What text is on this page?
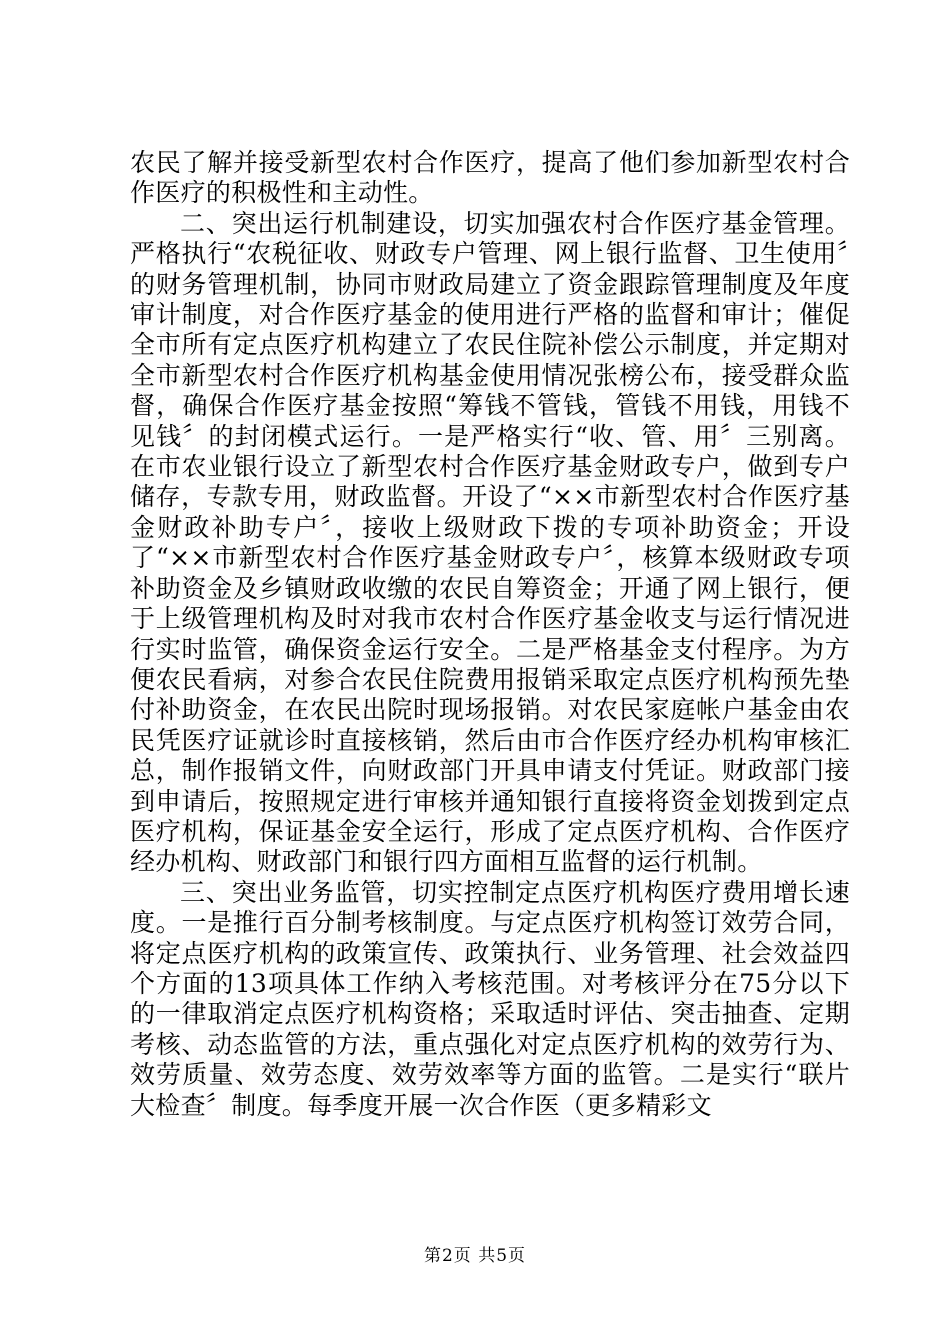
农民了解并接受新型农村合作医疗，提高了他们参加新型农村合作医疗的积极性和主动性。

二、突出运行机制建设，切实加强农村合作医疗基金管理。严格执行“农税征收、财政专户管理、网上银行监督、卫生使用〞的财务管理机制，协同市财政局建立了资金跟踪管理制度及年度审计制度，对合作医疗基金的使用进行严格的监督和审计；催促全市所有定点医疗机构建立了农民住院补偿公示制度，并定期对全市新型农村合作医疗机构基金使用情况张榜公布，接受群众监督，确保合作医疗基金按照“筹钱不管钱，管钱不用钱，用钱不见钱〞的封闭模式运行。一是严格实行“收、管、用〞三别离。在市农业银行设立了新型农村合作医疗基金财政专户，做到专户储存，专款专用，财政监督。开设了“××市新型农村合作医疗基金财政补助专户〞，接收上级财政下拨的专项补助资金；开设了“××市新型农村合作医疗基金财政专户〞，核算本级财政专项补助资金及乡镇财政收缴的农民自筹资金；开通了网上银行，便于上级管理机构及时对我市农村合作医疗基金收支与运行情况进行实时监管，确保资金运行安全。二是严格基金支付程序。为方便农民看病，对参合农民住院费用报销采取定点医疗机构预先垫付补助资金，在农民出院时现场报销。对农民家庭帐户基金由农民凭医疗证就诊时直接核销，然后由市合作医疗经办机构审核汇总，制作报销文件，向财政部门开具申请支付凭证。财政部门接到申请后，按照规定进行审核并通知银行直接将资金划拨到定点医疗机构，保证基金安全运行，形成了定点医疗机构、合作医疗经办机构、财政部门和银行四方面相互监督的运行机制。

三、突出业务监管，切实控制定点医疗机构医疗费用增长速度。一是推行百分制考核制度。与定点医疗机构签订效劳合同，将定点医疗机构的政策宣传、政策执行、业务管理、社会效益四个方面的13项具体工作纳入考核范围。对考核评分在75分以下的一律取消定点医疗机构资格；采取适时评估、突击抽查、定期考核、动态监管的方法，重点强化对定点医疗机构的效劳行为、效劳质量、效劳态度、效劳效率等方面的监管。二是实行“联片大检查〞制度。每季度开展一次合作医（更多精彩文

第2页 共5页
